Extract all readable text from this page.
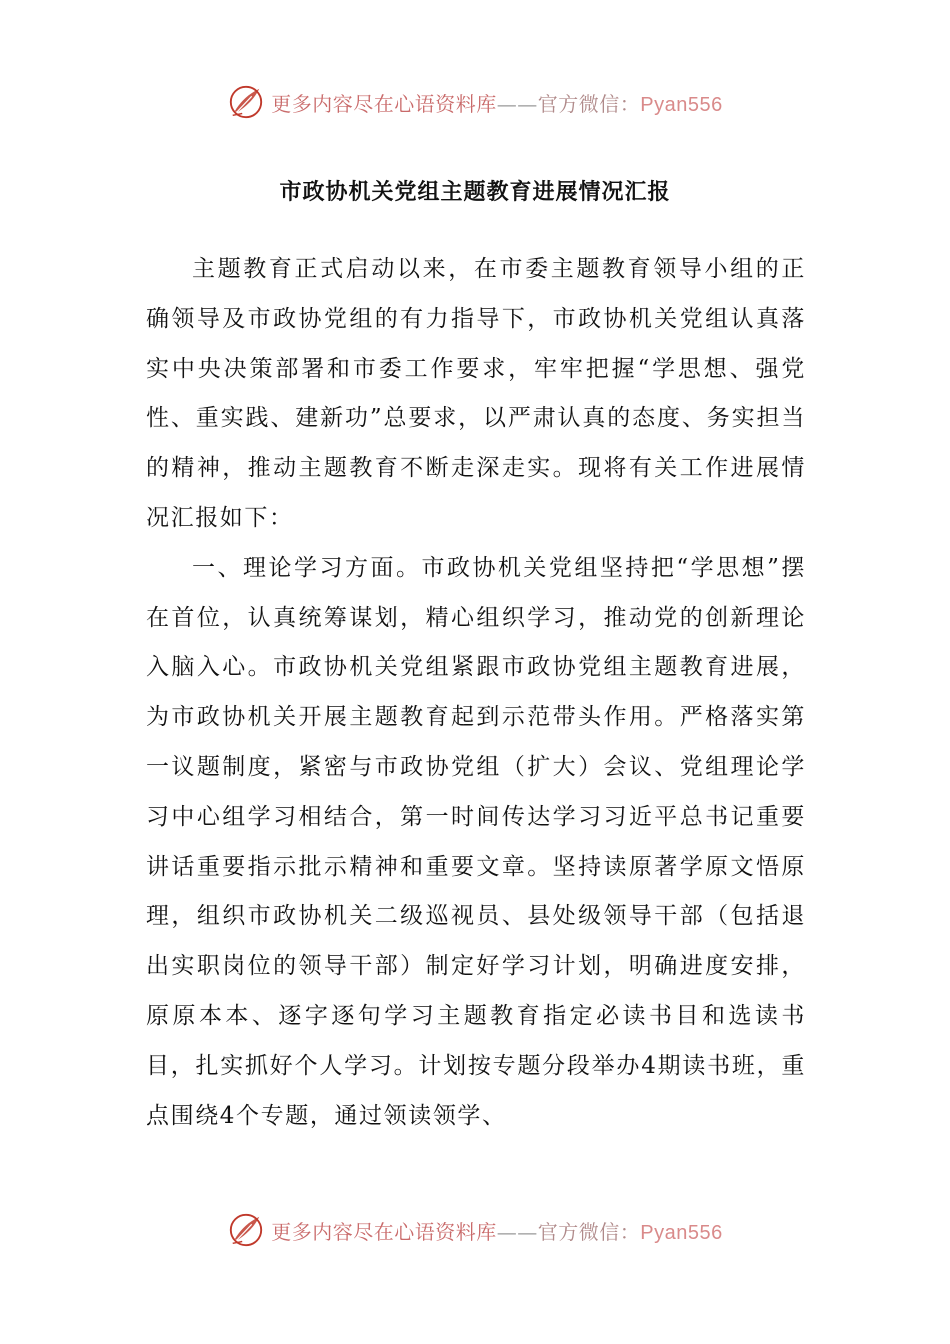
更多内容尽在心语资料库——官方微信：Pyan556
市政协机关党组主题教育进展情况汇报

主题教育正式启动以来，在市委主题教育领导小组的正确领导及市政协党组的有力指导下，市政协机关党组认真落实中央决策部署和市委工作要求，牢牢把握“学思想、强党性、重实践、建新功”总要求，以严肃认真的态度、务实担当的精神，推动主题教育不断走深走实。现将有关工作进展情况汇报如下：

一、理论学习方面。市政协机关党组坚持把“学思想”摆在首位，认真统筹谋划，精心组织学习，推动党的创新理论入脑入心。市政协机关党组紧跟市政协党组主题教育进展，为市政协机关开展主题教育起到示范带头作用。严格落实第一议题制度，紧密与市政协党组（扩大）会议、党组理论学习中心组学习相结合，第一时间传达学习习近平总书记重要讲话重要指示批示精神和重要文章。坚持读原著学原文悟原理，组织市政协机关二级巡视员、县处级领导干部（包括退出实职岗位的领导干部）制定好学习计划，明确进度安排，原原本本、逐字逐句学习主题教育指定必读书目和选读书目，扎实抓好个人学习。计划按专题分段举办4期读书班，重点围绕4个专题，通过领读领学、

更多内容尽在心语资料库——官方微信：Pyan556
